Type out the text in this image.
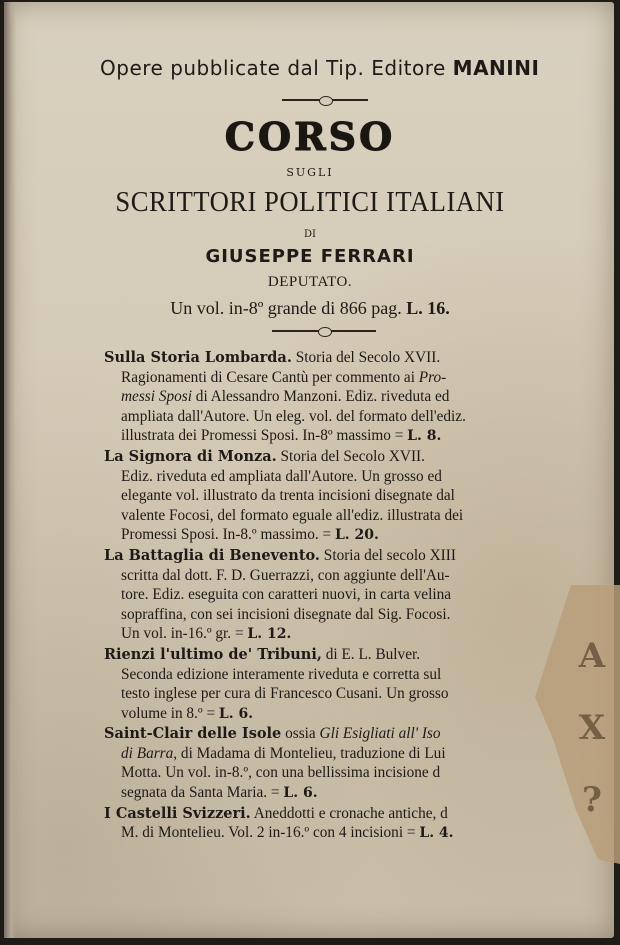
A
X
?
Opere pubblicate dal Tip. Editore MANINI
CORSO
SUGLI
SCRITTORI POLITICI ITALIANI
DI
GIUSEPPE FERRARI
DEPUTATO.
Un vol. in-8º grande di 866 pag. L. 16.
Sulla Storia Lombarda. Storia del Secolo XVII.
Ragionamenti di Cesare Cantù per commento ai Pro-
messi Sposi di Alessandro Manzoni. Ediz. riveduta ed
ampliata dall'Autore. Un eleg. vol. del formato dell'ediz.
illustrata dei Promessi Sposi. In-8º massimo = L. 8.
La Signora di Monza. Storia del Secolo XVII.
Ediz. riveduta ed ampliata dall'Autore. Un grosso ed
elegante vol. illustrato da trenta incisioni disegnate dal
valente Focosi, del formato eguale all'ediz. illustrata dei
Promessi Sposi. In-8.º massimo. = L. 20.
La Battaglia di Benevento. Storia del secolo XIII
scritta dal dott. F. D. Guerrazzi, con aggiunte dell'Au-
tore. Ediz. eseguita con caratteri nuovi, in carta velina
sopraffina, con sei incisioni disegnate dal Sig. Focosi.
Un vol. in-16.º gr. = L. 12.
Rienzi l'ultimo de' Tribuni, di E. L. Bulver.
Seconda edizione interamente riveduta e corretta sul
testo inglese per cura di Francesco Cusani. Un grosso
volume in 8.º = L. 6.
Saint-Clair delle Isole ossia Gli Esigliati all' Iso
di Barra, di Madama di Montelieu, traduzione di Lui
Motta. Un vol. in-8.º, con una bellissima incisione d
segnata da Santa Maria. = L. 6.
I Castelli Svizzeri. Aneddotti e cronache antiche, d
M. di Montelieu. Vol. 2 in-16.º con 4 incisioni = L. 4.
